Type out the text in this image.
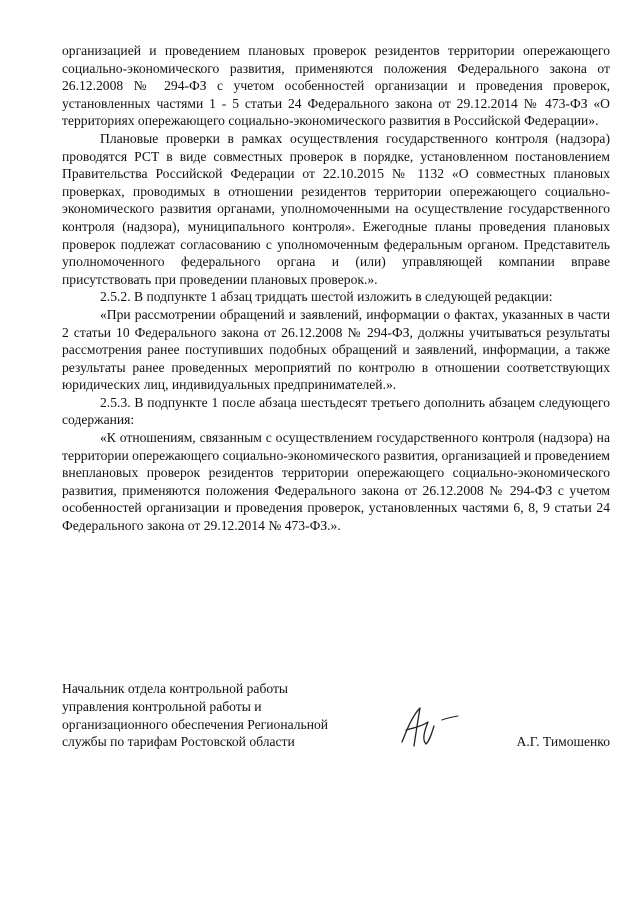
организацией и проведением плановых проверок резидентов территории опережающего социально-экономического развития, применяются положения Федерального закона от 26.12.2008 № 294-ФЗ с учетом особенностей организации и проведения проверок, установленных частями 1 - 5 статьи 24 Федерального закона от 29.12.2014 № 473-ФЗ «О территориях опережающего социально-экономического развития в Российской Федерации».

Плановые проверки в рамках осуществления государственного контроля (надзора) проводятся РСТ в виде совместных проверок в порядке, установленном постановлением Правительства Российской Федерации от 22.10.2015 № 1132 «О совместных плановых проверках, проводимых в отношении резидентов территории опережающего социально-экономического развития органами, уполномоченными на осуществление государственного контроля (надзора), муниципального контроля». Ежегодные планы проведения плановых проверок подлежат согласованию с уполномоченным федеральным органом. Представитель уполномоченного федерального органа и (или) управляющей компании вправе присутствовать при проведении плановых проверок.».

2.5.2. В подпункте 1 абзац тридцать шестой изложить в следующей редакции:

«При рассмотрении обращений и заявлений, информации о фактах, указанных в части 2 статьи 10 Федерального закона от 26.12.2008 № 294-ФЗ, должны учитываться результаты рассмотрения ранее поступивших подобных обращений и заявлений, информации, а также результаты ранее проведенных мероприятий по контролю в отношении соответствующих юридических лиц, индивидуальных предпринимателей.».

2.5.3. В подпункте 1 после абзаца шестьдесят третьего дополнить абзацем следующего содержания:

«К отношениям, связанным с осуществлением государственного контроля (надзора) на территории опережающего социально-экономического развития, организацией и проведением внеплановых проверок резидентов территории опережающего социально-экономического развития, применяются положения Федерального закона от 26.12.2008 № 294-ФЗ с учетом особенностей организации и проведения проверок, установленных частями 6, 8, 9 статьи 24 Федерального закона от 29.12.2014 № 473-ФЗ.».

Начальник отдела контрольной работы
управления контрольной работы и
организационного обеспечения Региональной
службы по тарифам Ростовской области	А.Г. Тимошенко
